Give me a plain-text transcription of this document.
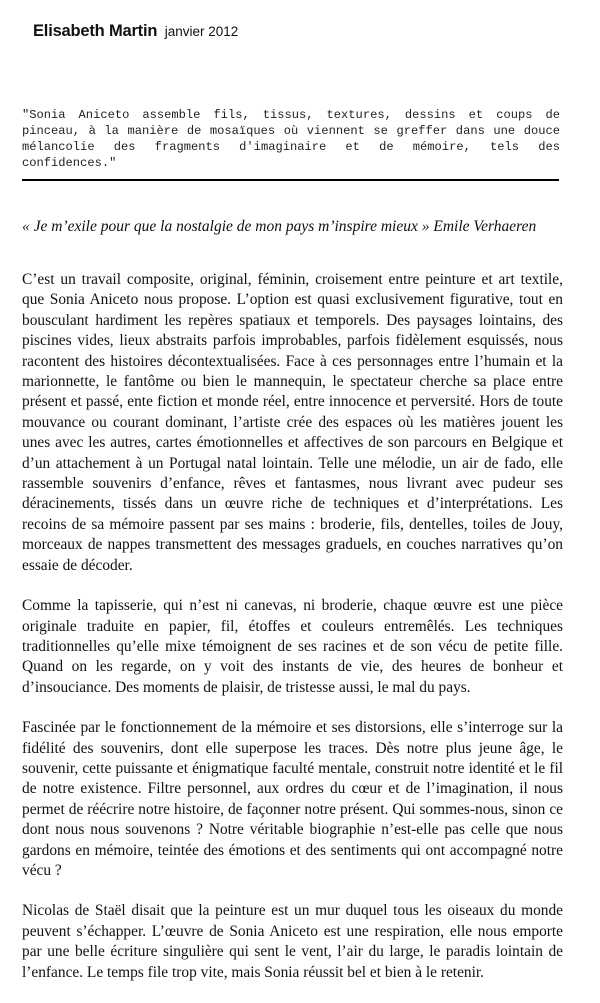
Elisabeth Martin janvier 2012
"Sonia Aniceto assemble fils, tissus, textures, dessins et coups de pinceau, à la manière de mosaïques où viennent se greffer dans une douce mélancolie des fragments d'imaginaire et de mémoire, tels des confidences."
« Je m’exile pour que la nostalgie de mon pays m’inspire mieux » Emile Verhaeren

C’est un travail composite, original, féminin, croisement entre peinture et art textile, que Sonia Aniceto nous propose. L’option est quasi exclusivement figurative, tout en bousculant hardiment les repères spatiaux et temporels. Des paysages lointains, des piscines vides, lieux abstraits parfois improbables, parfois fidèlement esquissés, nous racontent des histoires décontextualisées. Face à ces personnages entre l’humain et la marionnette, le fantôme ou bien le mannequin, le spectateur cherche sa place entre présent et passé, ente fiction et monde réel, entre innocence et perversité. Hors de toute mouvance ou courant dominant, l’artiste crée des espaces où les matières jouent les unes avec les autres, cartes émotionnelles et affectives de son parcours en Belgique et d’un attachement à un Portugal natal lointain. Telle une mélodie, un air de fado, elle rassemble souvenirs d’enfance, rêves et fantasmes, nous livrant avec pudeur ses déracinements, tissés dans un œuvre riche de techniques et d’interprétations. Les recoins de sa mémoire passent par ses mains : broderie, fils, dentelles, toiles de Jouy, morceaux de nappes transmettent des messages graduels, en couches narratives qu’on essaie de décoder.

Comme la tapisserie, qui n’est ni canevas, ni broderie, chaque œuvre est une pièce originale traduite en papier, fil, étoffes et couleurs entremêlés. Les techniques traditionnelles qu’elle mixe témoignent de ses racines et de son vécu de petite fille. Quand on les regarde, on y voit des instants de vie, des heures de bonheur et d’insouciance. Des moments de plaisir, de tristesse aussi, le mal du pays.

Fascinée par le fonctionnement de la mémoire et ses distorsions, elle s’interroge sur la fidélité des souvenirs, dont elle superpose les traces. Dès notre plus jeune âge, le souvenir, cette puissante et énigmatique faculté mentale, construit notre identité et le fil de notre existence. Filtre personnel, aux ordres du cœur et de l’imagination, il nous permet de réécrire notre histoire, de façonner notre présent. Qui sommes-nous, sinon ce dont nous nous souvenons ? Notre véritable biographie n’est-elle pas celle que nous gardons en mémoire, teintée des émotions et des sentiments qui ont accompagné notre vécu ?

Nicolas de Staël disait que la peinture est un mur duquel tous les oiseaux du monde peuvent s’échapper. L’œuvre de Sonia Aniceto est une respiration, elle nous emporte par une belle écriture singulière qui sent le vent, l’air du large, le paradis lointain de l’enfance. Le temps file trop vite, mais Sonia réussit bel et bien à le retenir.
